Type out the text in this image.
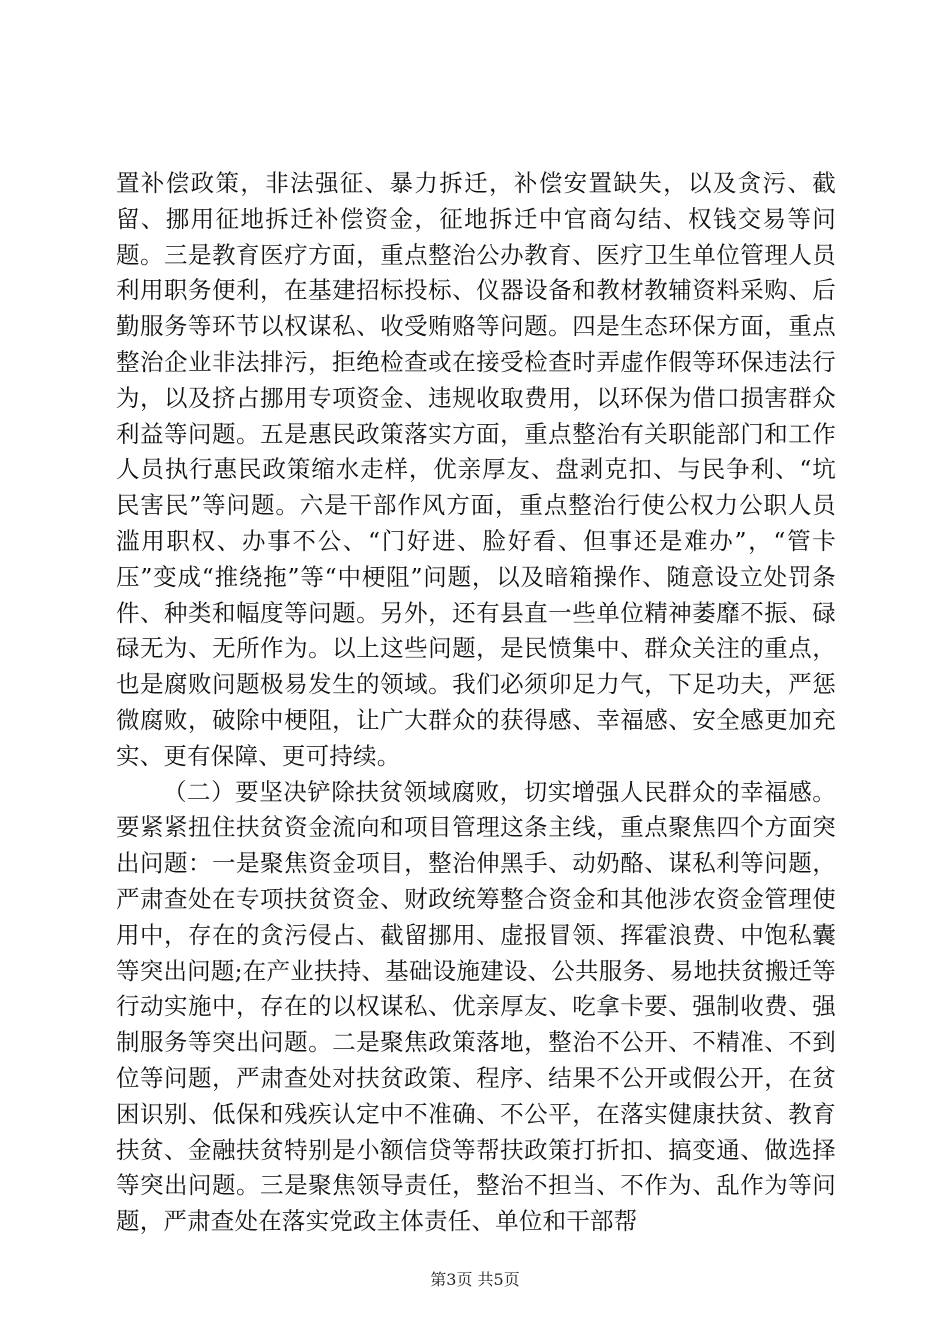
置补偿政策，非法强征、暴力拆迁，补偿安置缺失，以及贪污、截留、挪用征地拆迁补偿资金，征地拆迁中官商勾结、权钱交易等问题。三是教育医疗方面，重点整治公办教育、医疗卫生单位管理人员利用职务便利，在基建招标投标、仪器设备和教材教辅资料采购、后勤服务等环节以权谋私、收受贿赂等问题。四是生态环保方面，重点整治企业非法排污，拒绝检查或在接受检查时弄虚作假等环保违法行为，以及挤占挪用专项资金、违规收取费用，以环保为借口损害群众利益等问题。五是惠民政策落实方面，重点整治有关职能部门和工作人员执行惠民政策缩水走样，优亲厚友、盘剥克扣、与民争利、“坑民害民”等问题。六是干部作风方面，重点整治行使公权力公职人员滥用职权、办事不公、“门好进、脸好看、但事还是难办”，“管卡压”变成“推绕拖”等“中梗阻”问题，以及暗箱操作、随意设立处罚条件、种类和幅度等问题。另外，还有县直一些单位精神萎靡不振、碌碌无为、无所作为。以上这些问题，是民愤集中、群众关注的重点，也是腐败问题极易发生的领域。我们必须卯足力气，下足功夫，严惩微腐败，破除中梗阻，让广大群众的获得感、幸福感、安全感更加充实、更有保障、更可持续。

（二）要坚决铲除扶贫领域腐败，切实增强人民群众的幸福感。要紧紧扭住扶贫资金流向和项目管理这条主线，重点聚焦四个方面突出问题：一是聚焦资金项目，整治伸黑手、动奶酪、谋私利等问题，严肃查处在专项扶贫资金、财政统筹整合资金和其他涉农资金管理使用中，存在的贪污侵占、截留挪用、虚报冒领、挥霍浪费、中饱私囊等突出问题;在产业扶持、基础设施建设、公共服务、易地扶贫搬迁等行动实施中，存在的以权谋私、优亲厚友、吃拿卡要、强制收费、强制服务等突出问题。二是聚焦政策落地，整治不公开、不精准、不到位等问题，严肃查处对扶贫政策、程序、结果不公开或假公开，在贫困识别、低保和残疾认定中不准确、不公平，在落实健康扶贫、教育扶贫、金融扶贫特别是小额信贷等帮扶政策打折扣、搞变通、做选择等突出问题。三是聚焦领导责任，整治不担当、不作为、乱作为等问题，严肃查处在落实党政主体责任、单位和干部帮

第3页 共5页
